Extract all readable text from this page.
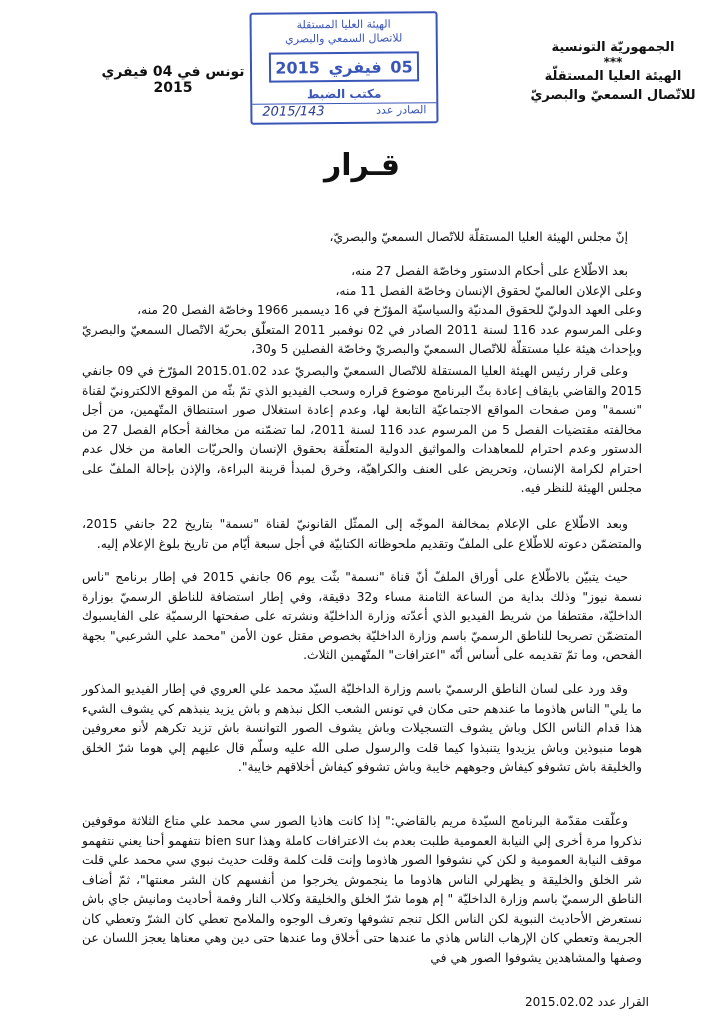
الجمهوريّة التونسية
***
الهيئة العليا المستقلّة
للاتّصال السمعيّ والبصريّ
الهيئة العليا المستقلة
للاتصال السمعي والبصري
05
فيفري
2015
مكتب الضبط
الصادر عدد
2015/143
تونس في 04 فيفري 2015
قـرار

إنّ مجلس الهيئة العليا المستقلّة للاتّصال السمعيّ والبصريّ،

بعد الاطّلاع على أحكام الدستور وخاصّة الفصل 27 منه،

وعلى الإعلان العالميّ لحقوق الإنسان وخاصّة الفصل 11 منه،

وعلى العهد الدوليّ للحقوق المدنيّة والسياسيّة المؤرّخ في 16 ديسمبر 1966 وخاصّة الفصل 20 منه،

وعلى المرسوم عدد 116 لسنة 2011 الصادر في 02 نوفمبر 2011 المتعلّق بحريّة الاتّصال السمعيّ والبصريّ وبإحداث هيئة عليا مستقلّة للاتّصال السمعيّ والبصريّ وخاصّة الفصلين 5 و30،

وعلى قرار رئيس الهيئة العليا المستقلة للاتّصال السمعيّ والبصريّ عدد 2015.01.02 المؤرّخ في 09 جانفي 2015 والقاضي بايقاف إعادة بثّ البرنامج موضوع قراره وسحب الفيديو الذي تمّ بثّه من الموقع الالكترونيّ لقناة "نسمة" ومن صفحات المواقع الاجتماعيّة التابعة لها، وعدم إعادة استغلال صور استنطاق المتّهمين، من أجل مخالفته مقتضيات الفصل 5 من المرسوم عدد 116 لسنة 2011، لما تضمّنه من مخالفة أحكام الفصل 27 من الدستور وعدم احترام للمعاهدات والمواثيق الدولية المتعلّقة بحقوق الإنسان والحريّات العامة من خلال عدم احترام لكرامة الإنسان، وتحريض على العنف والكراهيّة، وخرق لمبدأ قرينة البراءة، والإذن بإحالة الملفّ على مجلس الهيئة للنظر فيه.

وبعد الاطّلاع على الإعلام بمخالفة الموجّه إلى الممثّل القانونيّ لقناة "نسمة" بتاريخ 22 جانفي 2015، والمتضمّن دعوته للاطّلاع على الملفّ وتقديم ملحوظاته الكتابيّة في أجل سبعة أيّام من تاريخ بلوغ الإعلام إليه.

حيث يتبيّن بالاطّلاع على أوراق الملفّ أنّ قناة "نسمة" بثّت يوم 06 جانفي 2015 في إطار برنامج "ناس نسمة نيوز" وذلك بداية من الساعة الثامنة مساء و32 دقيقة، وفي إطار استضافة للناطق الرسميّ بوزارة الداخليّة، مقتطفا من شريط الفيديو الذي أعدّته وزارة الداخليّة ونشرته على صفحتها الرسميّة على الفايسبوك المتضمّن تصريحا للناطق الرسميّ باسم وزارة الداخليّة بخصوص مقتل عون الأمن "محمد علي الشرعبي" بجهة الفحص، وما تمّ تقديمه على أساس أنّه "اعترافات" المتّهمين الثلاث.

وقد ورد على لسان الناطق الرسميّ باسم وزارة الداخليّة السيّد محمد علي العروي في إطار الفيديو المذكور ما يلي" الناس هاذوما ما عندهم حتى مكان في تونس الشعب الكل نبذهم و باش يزيد ينبذهم كي يشوف الشيء هذا قدام الناس الكل وباش يشوف التسجيلات وباش يشوف الصور التوانسة باش تزيد تكرهم لأنو معروفين هوما منبوذين وباش يزيدوا يتنبذوا كيما قلت والرسول صلى الله عليه وسلّم قال عليهم إلي هوما شرّ الخلق والخليقة باش تشوفو كيفاش وجوههم خايبة وباش تشوفو كيفاش أخلاقهم خايبة".

وعلّقت مقدّمة البرنامج السيّدة مريم بالقاضي:" إذا كانت هاذيا الصور سي محمد علي متاع الثلاثة موقوفين نذكروا مرة أخرى إلي النيابة العمومية طلبت بعدم بث الاعترافات كاملة وهذا bien sur نتفهمو أحنا يعني نتفهمو موقف النيابة العمومية و لكن كي نشوفوا الصور هاذوما وإنت قلت كلمة وقلت حديث نبوي سي محمد علي قلت شر الخلق والخليقة و يظهرلي الناس هاذوما ما ينجموش يخرجوا من أنفسهم كان الشر معنتها"، ثمّ أضاف الناطق الرسميّ باسم وزارة الداخليّة " إم هوما شرّ الخلق والخليقة وكلاب النار وفمة أحاديث ومانيش جاي باش نستعرض الأحاديث النبوية لكن الناس الكل تنجم تشوفها وتعرف الوجوه والملامح تعطي كان الشرّ وتعطي كان الجريمة وتعطي كان الإرهاب الناس هاذي ما عندها حتى أخلاق وما عندها حتى دين وهي معناها يعجز اللسان عن وصفها والمشاهدين يشوفوا الصور هي في

القرار عدد 2015.02.02
